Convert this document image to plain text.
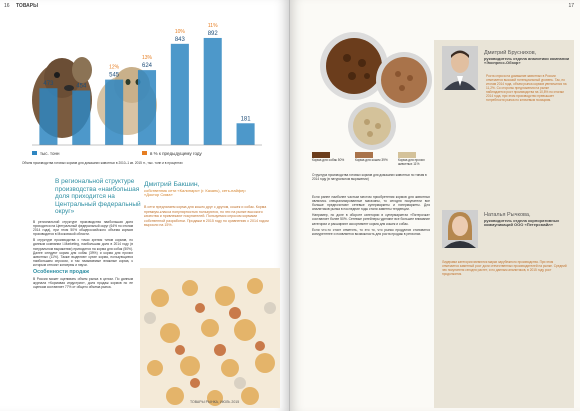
16 ТОВАРЫ
473	454
545
12%	624
13%
843
10%	892
11%
181
тыс. тонн	в % к предыдущему году
Объем производства готовых кормов для домашних животных в 2010–1 кв. 2015 гг., тыс. тонн и в процентах
В региональной структуре производства «наибольшая доля приходится на Центральный федеральный округ»

В региональной структуре производства наибольшая доля приходится на Центральный федеральный округ (64% по итогам 2014 года), при этом 50% общероссийского объема кормов производится в Московской области.

В структуре производства с точки зрения типов кормов, по данным компании I-Marketing, наибольшая доля в 2014 году (в натуральном выражении) приходится на корма для собак (50%). Далее следуют корма для собак (39%) и корма для прочих животных (11%). Также выделяют сухие корма, пользующиеся наибольшим спросом, и так называемые влажные корма, к которым относят консервы и паучи.

Особенности продаж

В России может оценивать объем рынка в целом. По данным журнала «Кормовая индустрия», доля продаж кормов по ее оценкам составляет 77% от общего объема рынка.

Дмитрий Бакшин,
собственник сети «Калинаря» (г. Казань), сеть-пайфер «Доктор Сима»
В сети предлагаем корма для кошек друг с другом, кошек и собак. Корма премиум-класса популярностью пользуются, но эти на рынке высокого качества и привлекают покупателей. Пользуемся спросом кормами собственной разработки. Продажи в 2015 году по сравнению с 2014 годом выросли на 15%.
ТОВАРЫ РЫНКА, ИЮЛЬ 2015
17
Корма для собак 50%	Корма для кошек 39%	Корма для прочих животных 11%
Структура производства готовых кормов для домашних животных по типам в 2014 году (в натуральном выражении)

Если ранее наиболее частым местом приобретения кормов для животных являлись специализированные магазины, то сегодня покупатели все больше предпочитают сетевые супермаркеты и гипермаркеты. Для аналитиков рынка в последние годы стали заметны тенденции.

Например, по доле в обороте категории в супермаркетах «Пятерочка» составляет более 50%. Сетевые ритейлеры уделяют все большее внимание категории и расширяют ассортимент корма для кошек и собак.

Если что-то стоит отметить, то это то, что рынок продуктов становится конкурентнее и появляется возможность для роста продаж в регионах.

Дмитрий Бруснихов,
руководитель отдела аналитики компании «Экспресс-Обзор»
Роста спроса на домашние животных в России отмечается высокий потенциальный уровень. Так, по итогам 2014 года, объем рынка кормов увеличился на 11,2%. Со стороны предложения на рынке наблюдается рост производства на 10,8% по итогам 2014 года, при этом производство превышает потребности рынка по ключевым позициям.
Наталья Рычкова,
руководитель отдела корпоративных коммуникаций ООО «Петерсмайл»
Лидерами категории являются марки зарубежного производства. При этом отмечается заметный рост доли отечественных производителей на рынке. Средний чек покупателя сегодня растет, и по данным аналитиков, в 2015 году рост продолжится.
